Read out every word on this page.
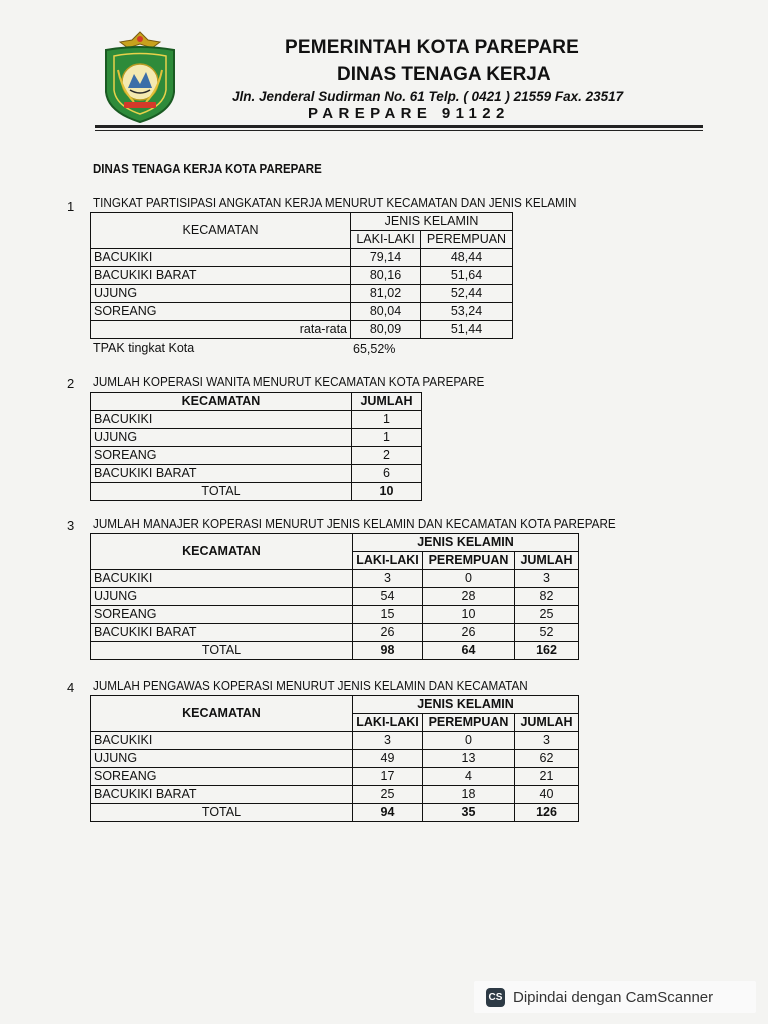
PEMERINTAH KOTA PAREPARE
DINAS TENAGA KERJA
Jln. Jenderal Sudirman No. 61 Telp. ( 0421 ) 21559 Fax. 23517
PAREPARE 91122
DINAS TENAGA KERJA KOTA PAREPARE
1 TINGKAT PARTISIPASI ANGKATAN KERJA MENURUT KECAMATAN DAN JENIS KELAMIN
KECAMATAN	JENIS KELAMIN	
	LAKI-LAKI	PEREMPUAN
BACUKIKI	79,14	48,44
BACUKIKI BARAT	80,16	51,64
UJUNG	81,02	52,44
SOREANG	80,04	53,24
rata-rata	80,09	51,44
TPAK tingkat Kota	65,52%
2 JUMLAH KOPERASI WANITA MENURUT KECAMATAN KOTA PAREPARE
KECAMATAN	JUMLAH
BACUKIKI	1
UJUNG	1
SOREANG	2
BACUKIKI BARAT	6
TOTAL	10
3 JUMLAH MANAJER KOPERASI MENURUT JENIS KELAMIN DAN KECAMATAN KOTA PAREPARE
KECAMATAN	JENIS KELAMIN		
	LAKI-LAKI	PEREMPUAN	JUMLAH
BACUKIKI	3	0	3
UJUNG	54	28	82
SOREANG	15	10	25
BACUKIKI BARAT	26	26	52
TOTAL	98	64	162
4 JUMLAH PENGAWAS KOPERASI MENURUT JENIS KELAMIN DAN KECAMATAN
KECAMATAN	JENIS KELAMIN		
	LAKI-LAKI	PEREMPUAN	JUMLAH
BACUKIKI	3	0	3
UJUNG	49	13	62
SOREANG	17	4	21
BACUKIKI BARAT	25	18	40
TOTAL	94	35	126
CS Dipindai dengan CamScanner
